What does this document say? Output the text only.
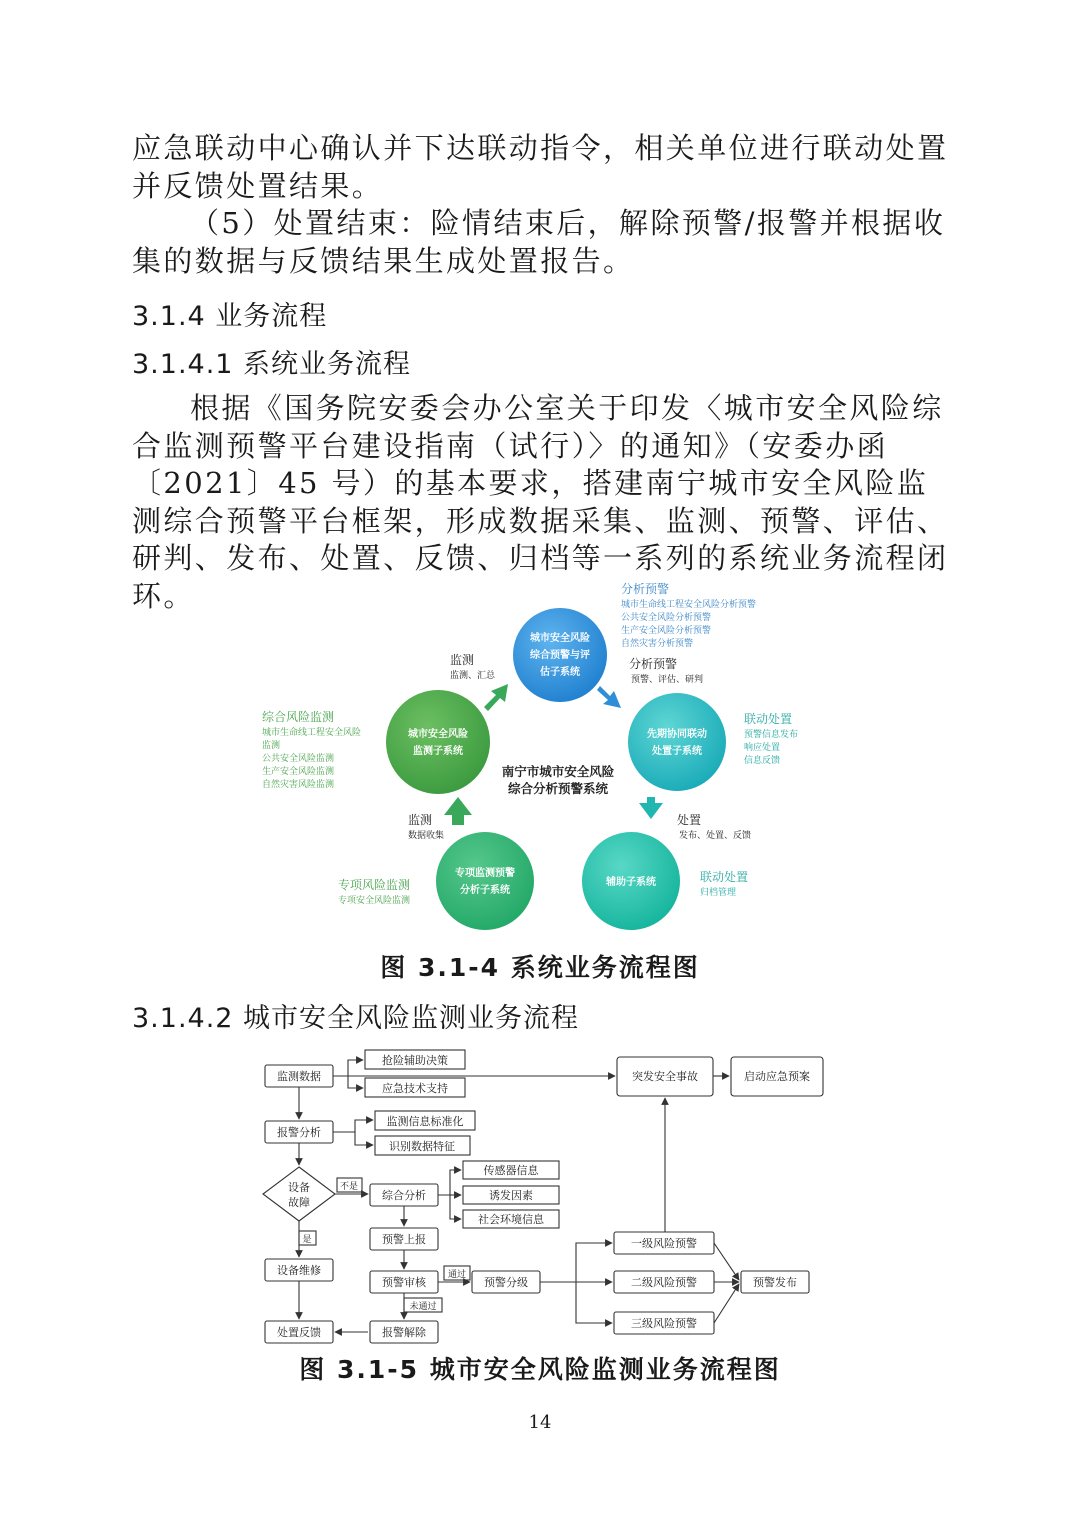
应急联动中心确认并下达联动指令，相关单位进行联动处置并反馈处置结果。

（5）处置结束：险情结束后，解除预警/报警并根据收集的数据与反馈结果生成处置报告。

3.1.4 业务流程
3.1.4.1 系统业务流程
根据《国务院安委会办公室关于印发〈城市安全风险综合监测预警平台建设指南（试行）〉的通知》（安委办函〔2021〕45 号）的基本要求，搭建南宁城市安全风险监测综合预警平台框架，形成数据采集、监测、预警、评估、研判、发布、处置、反馈、归档等一系列的系统业务流程闭环。
城市安全风险
综合预警与评
估子系统
先期协同联动
处置子系统
辅助子系统
专项监测预警
分析子系统
城市安全风险
监测子系统
南宁市城市安全风险
综合分析预警系统
监测
监测、汇总
分析预警
预警、评估、研判
处置
发布、处置、反馈
监测
数据收集
分析预警
城市生命线工程安全风险分析预警
公共安全风险分析预警
生产安全风险分析预警
自然灾害分析预警
联动处置
预警信息发布
响应处置
信息反馈
联动处置
归档管理
综合风险监测
城市生命线工程安全风险
监测
公共安全风险监测
生产安全风险监测
自然灾害风险监测
专项风险监测
专项安全风险监测
图 3.1-4 系统业务流程图
3.1.4.2 城市安全风险监测业务流程
监测数据
抢险辅助决策
应急技术支持
突发安全事故	启动应急预案
报警分析
监测信息标准化
识别数据特征
设备
故障
综合分析
传感器信息
诱发因素
社会环境信息
预警上报
设备维修
预警审核	预警分级
一级风险预警
二级风险预警
三级风险预警
预警发布
处置反馈	报警解除
不是
是
通过
未通过
图 3.1-5 城市安全风险监测业务流程图
14
